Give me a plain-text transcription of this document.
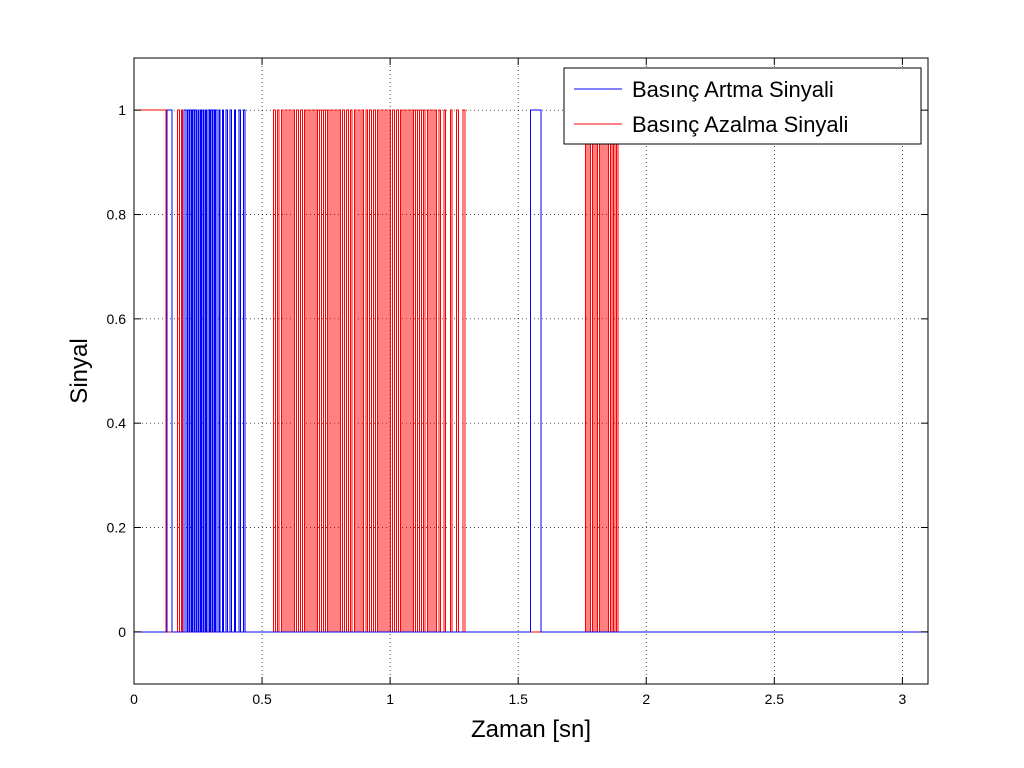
0	0.5	1	1.5	2	2.5	3
0
0.2
0.4
0.6
0.8
1
Zaman [sn]
Sinyal
Basınç Artma Sinyali
Basınç Azalma Sinyali
